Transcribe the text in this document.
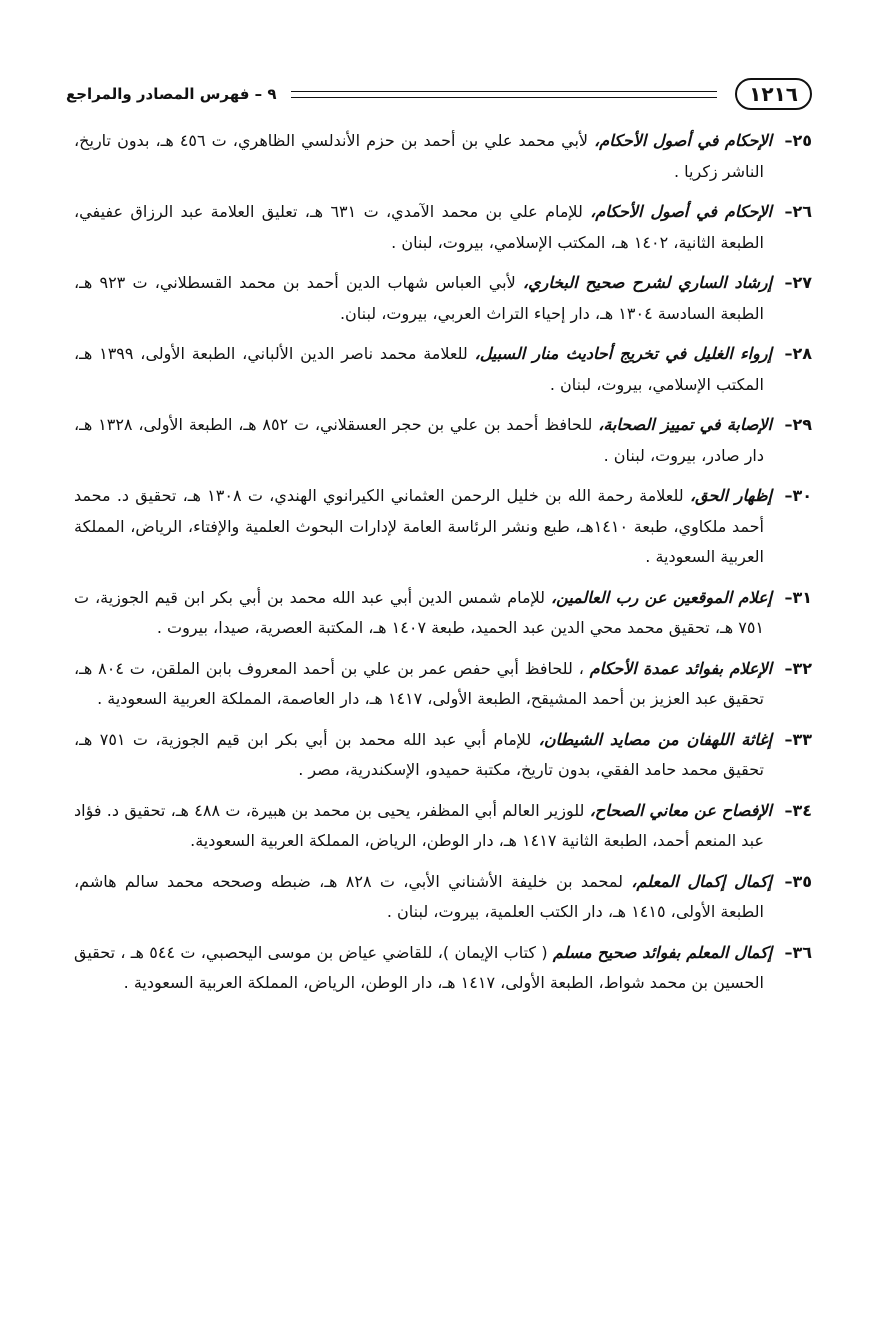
١٢١٦
٩ – فهرس المصادر والمراجع

٢٥–الإحكام في أصول الأحكام، لأبي محمد علي بن أحمد بن حزم الأندلسي الظاهري، ت ٤٥٦ هـ، بدون تاريخ، الناشر زكريا .

٢٦–الإحكام في أصول الأحكام، للإمام علي بن محمد الآمدي، ت ٦٣١ هـ، تعليق العلامة عبد الرزاق عفيفي، الطبعة الثانية، ١٤٠٢ هـ، المكتب الإسلامي، بيروت، لبنان .

٢٧–إرشاد الساري لشرح صحيح البخاري، لأبي العباس شهاب الدين أحمد بن محمد القسطلاني، ت ٩٢٣ هـ، الطبعة السادسة ١٣٠٤ هـ، دار إحياء التراث العربي، بيروت، لبنان.

٢٨–إرواء الغليل في تخريج أحاديث منار السبيل، للعلامة محمد ناصر الدين الألباني، الطبعة الأولى، ١٣٩٩ هـ، المكتب الإسلامي، بيروت، لبنان .

٢٩–الإصابة في تمييز الصحابة، للحافظ أحمد بن علي بن حجر العسقلاني، ت ٨٥٢ هـ، الطبعة الأولى، ١٣٢٨ هـ، دار صادر، بيروت، لبنان .

٣٠–إظهار الحق، للعلامة رحمة الله بن خليل الرحمن العثماني الكيرانوي الهندي، ت ١٣٠٨ هـ، تحقيق د. محمد أحمد ملكاوي، طبعة ١٤١٠هـ، طبع ونشر الرئاسة العامة لإدارات البحوث العلمية والإفتاء، الرياض، المملكة العربية السعودية .

٣١–إعلام الموقعين عن رب العالمين، للإمام شمس الدين أبي عبد الله محمد بن أبي بكر ابن قيم الجوزية، ت ٧٥١ هـ، تحقيق محمد محي الدين عبد الحميد، طبعة ١٤٠٧ هـ، المكتبة العصرية، صيدا، بيروت .

٣٢–الإعلام بفوائد عمدة الأحكام ، للحافظ أبي حفص عمر بن علي بن أحمد المعروف بابن الملقن، ت ٨٠٤ هـ، تحقيق عبد العزيز بن أحمد المشيقح، الطبعة الأولى، ١٤١٧ هـ، دار العاصمة، المملكة العربية السعودية .

٣٣–إغاثة اللهفان من مصايد الشيطان، للإمام أبي عبد الله محمد بن أبي بكر ابن قيم الجوزية، ت ٧٥١ هـ، تحقيق محمد حامد الفقي، بدون تاريخ، مكتبة حميدو، الإسكندرية، مصر .

٣٤–الإفصاح عن معاني الصحاح، للوزير العالم أبي المظفر، يحيى بن محمد بن هبيرة، ت ٤٨٨ هـ، تحقيق د. فؤاد عبد المنعم أحمد، الطبعة الثانية ١٤١٧ هـ، دار الوطن، الرياض، المملكة العربية السعودية.

٣٥–إكمال إكمال المعلم، لمحمد بن خليفة الأشناني الأبي، ت ٨٢٨ هـ، ضبطه وصححه محمد سالم هاشم، الطبعة الأولى، ١٤١٥ هـ، دار الكتب العلمية، بيروت، لبنان .

٣٦–إكمال المعلم بفوائد صحيح مسلم ( كتاب الإيمان )، للقاضي عياض بن موسى اليحصبي، ت ٥٤٤ هـ ، تحقيق الحسين بن محمد شواط، الطبعة الأولى، ١٤١٧ هـ، دار الوطن، الرياض، المملكة العربية السعودية .
